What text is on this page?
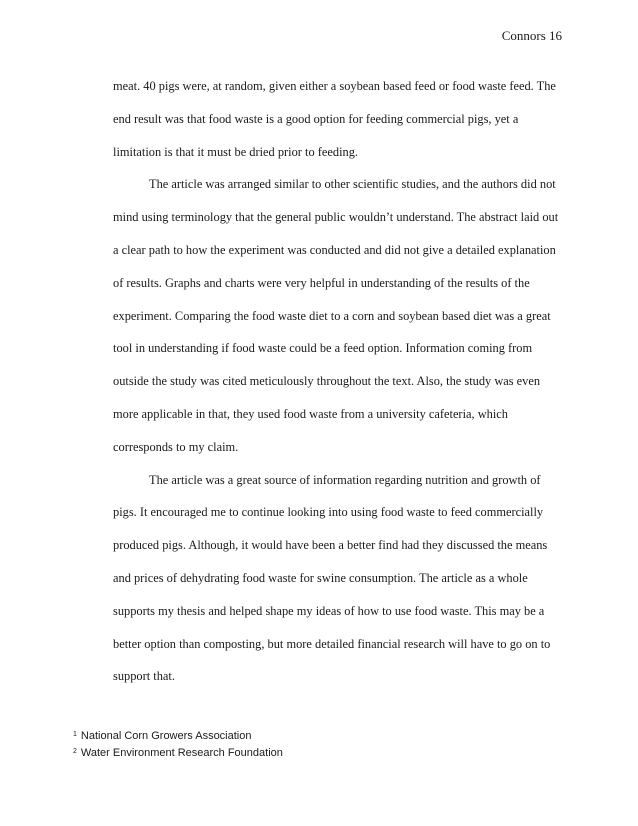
Connors 16
meat. 40 pigs were, at random, given either a soybean based feed or food waste feed. The
end result was that food waste is a good option for feeding commercial pigs, yet a
limitation is that it must be dried prior to feeding.
The article was arranged similar to other scientific studies, and the authors did not
mind using terminology that the general public wouldn’t understand. The abstract laid out
a clear path to how the experiment was conducted and did not give a detailed explanation
of results. Graphs and charts were very helpful in understanding of the results of the
experiment. Comparing the food waste diet to a corn and soybean based diet was a great
tool in understanding if food waste could be a feed option. Information coming from
outside the study was cited meticulously throughout the text. Also, the study was even
more applicable in that, they used food waste from a university cafeteria, which
corresponds to my claim.
The article was a great source of information regarding nutrition and growth of
pigs. It encouraged me to continue looking into using food waste to feed commercially
produced pigs. Although, it would have been a better find had they discussed the means
and prices of dehydrating food waste for swine consumption. The article as a whole
supports my thesis and helped shape my ideas of how to use food waste. This may be a
better option than composting, but more detailed financial research will have to go on to
support that.
$^1$ National Corn Growers Association
$^2$ Water Environment Research Foundation
